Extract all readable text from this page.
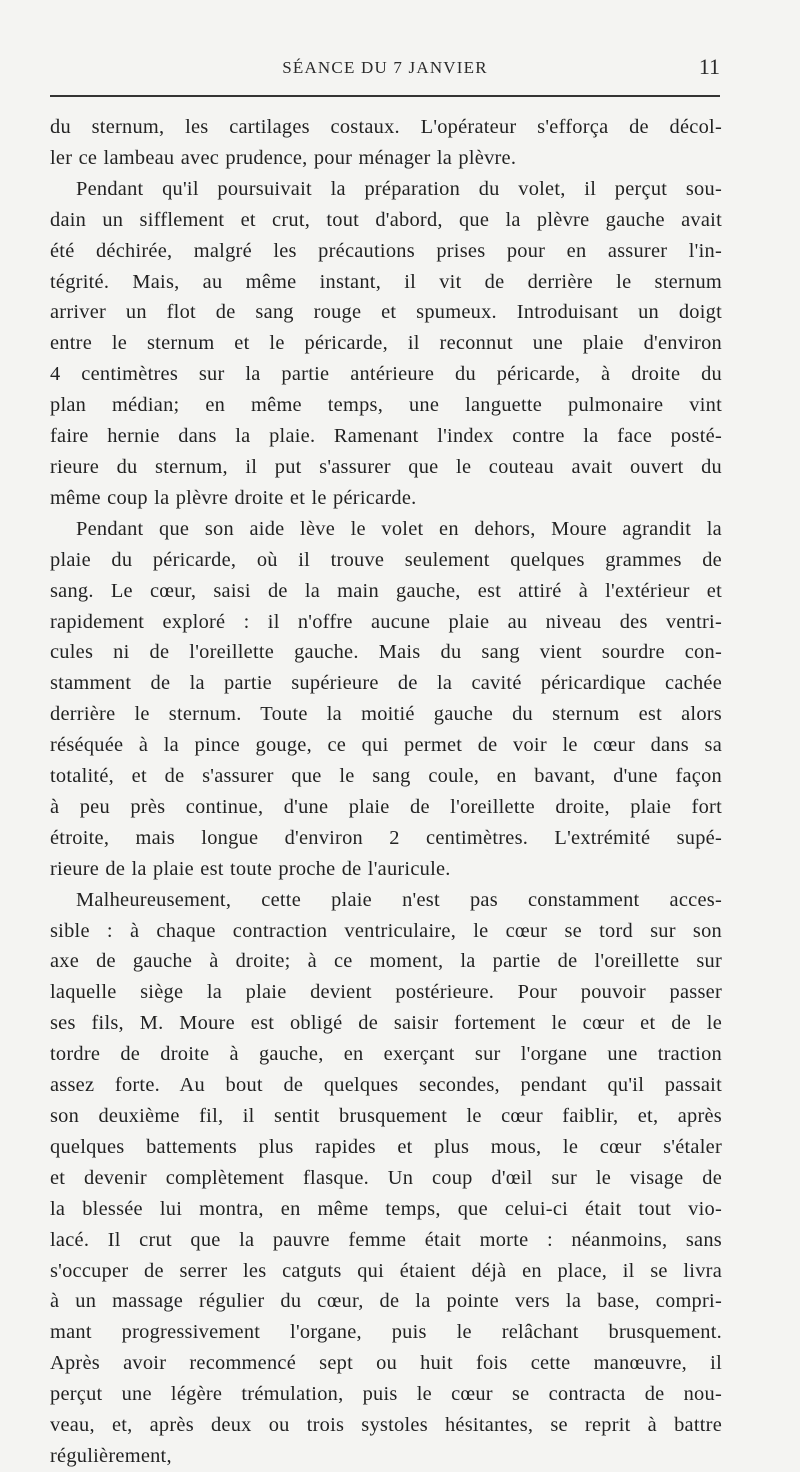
SÉANCE DU 7 JANVIER	11
du sternum, les cartilages costaux. L'opérateur s'efforça de décol-
ler ce lambeau avec prudence, pour ménager la plèvre.
Pendant qu'il poursuivait la préparation du volet, il perçut sou-
dain un sifflement et crut, tout d'abord, que la plèvre gauche avait
été déchirée, malgré les précautions prises pour en assurer l'in-
tégrité. Mais, au même instant, il vit de derrière le sternum
arriver un flot de sang rouge et spumeux. Introduisant un doigt
entre le sternum et le péricarde, il reconnut une plaie d'environ
4 centimètres sur la partie antérieure du péricarde, à droite du
plan médian; en même temps, une languette pulmonaire vint
faire hernie dans la plaie. Ramenant l'index contre la face posté-
rieure du sternum, il put s'assurer que le couteau avait ouvert du
même coup la plèvre droite et le péricarde.
Pendant que son aide lève le volet en dehors, Moure agrandit la
plaie du péricarde, où il trouve seulement quelques grammes de
sang. Le cœur, saisi de la main gauche, est attiré à l'extérieur et
rapidement exploré : il n'offre aucune plaie au niveau des ventri-
cules ni de l'oreillette gauche. Mais du sang vient sourdre con-
stamment de la partie supérieure de la cavité péricardique cachée
derrière le sternum. Toute la moitié gauche du sternum est alors
réséquée à la pince gouge, ce qui permet de voir le cœur dans sa
totalité, et de s'assurer que le sang coule, en bavant, d'une façon
à peu près continue, d'une plaie de l'oreillette droite, plaie fort
étroite, mais longue d'environ 2 centimètres. L'extrémité supé-
rieure de la plaie est toute proche de l'auricule.
Malheureusement, cette plaie n'est pas constamment acces-
sible : à chaque contraction ventriculaire, le cœur se tord sur son
axe de gauche à droite; à ce moment, la partie de l'oreillette sur
laquelle siège la plaie devient postérieure. Pour pouvoir passer
ses fils, M. Moure est obligé de saisir fortement le cœur et de le
tordre de droite à gauche, en exerçant sur l'organe une traction
assez forte. Au bout de quelques secondes, pendant qu'il passait
son deuxième fil, il sentit brusquement le cœur faiblir, et, après
quelques battements plus rapides et plus mous, le cœur s'étaler
et devenir complètement flasque. Un coup d'œil sur le visage de
la blessée lui montra, en même temps, que celui-ci était tout vio-
lacé. Il crut que la pauvre femme était morte : néanmoins, sans
s'occuper de serrer les catguts qui étaient déjà en place, il se livra
à un massage régulier du cœur, de la pointe vers la base, compri-
mant progressivement l'organe, puis le relâchant brusquement.
Après avoir recommencé sept ou huit fois cette manœuvre, il
perçut une légère trémulation, puis le cœur se contracta de nou-
veau, et, après deux ou trois systoles hésitantes, se reprit à battre
régulièrement,
